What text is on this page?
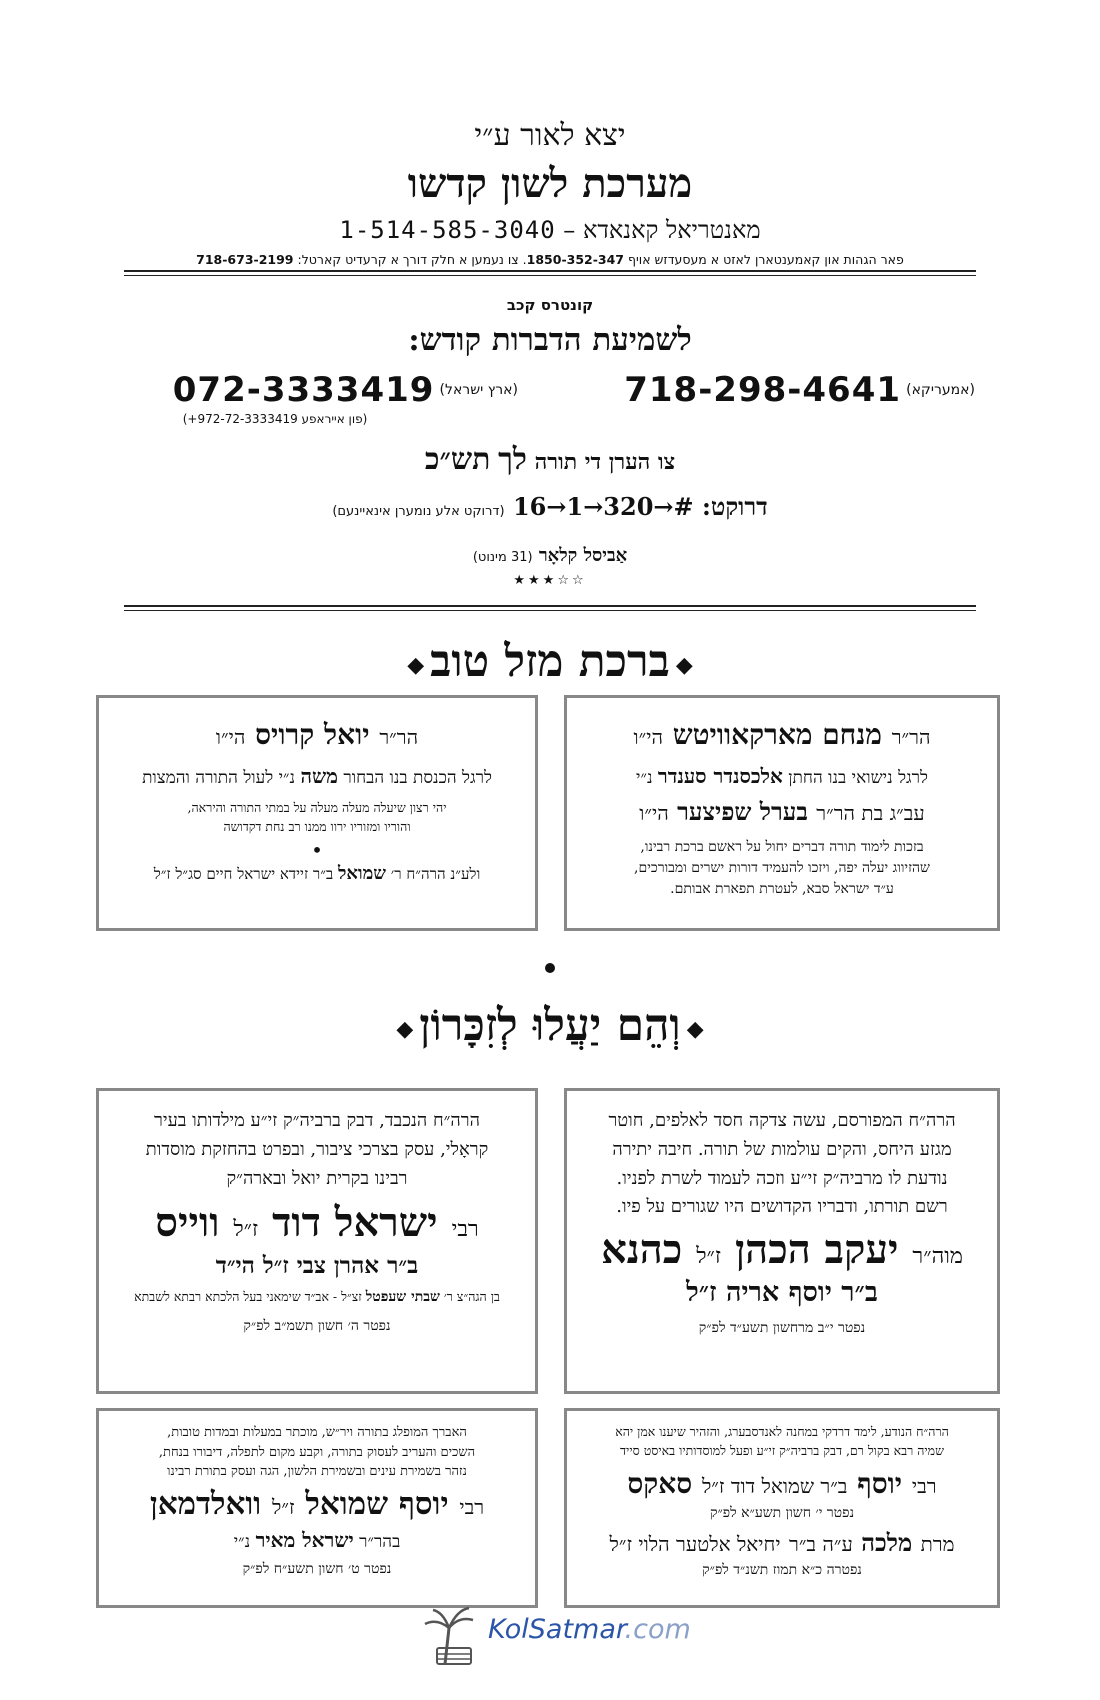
יצא לאור ע״י
מערכת לשון קדשו
מאנטריאל קאנאדא – 1-514-585-3040
פאר הגהות און קאמענטארן לאזט א מעסעדזש אויף 1850-352-347. צו נעמען א חלק דורך א קרעדיט קארטל: 718-673-2199
קונטרס קכב
לשמיעת הדברות קודש:
(אמעריקא) 718-298-4641
(ארץ ישראל) 072-3333419
(פון אייראפע 972-72-3333419+)
צו הערן די תורה לך תש״כ
דרוקט: #→320→1→16 (דרוקט אלע נומערן אינאיינעם)
אַביסל קלאָר (31 מינוט)
★★★☆☆
◆ברכת מזל טוב◆
הר״ר מנחם מארקאוויטש הי״ו
לרגל נישואי בנו החתן אלכסנדר סענדר נ״י
עב״ג בת הר״ר בערל שפיצער הי״ו
בזכות לימוד תורה דברים יחול על ראשם ברכת רבינו,
שהזיווג יעלה יפה, ויזכו להעמיד דורות ישרים ומבורכים,
ע״ד ישראל סבא, לעטרת תפארת אבותם.
הר״ר יואל קרויס הי״ו
לרגל הכנסת בנו הבחור משה נ״י לעול התורה והמצות
יהי רצון שיעלה מעלה מעלה על במתי התורה והיראה,
והוריו ומזוריו ירוו ממנו רב נחת דקדושה
•
ולע״נ הרה״ח ר׳ שמואל ב״ר זיידא ישראל חיים סג״ל ז״ל
◆וְהֵם יַעֲלוּ לְזִכָּרוֹן◆
הרה״ח המפורסם, עשה צדקה חסד לאלפים, חוטר
מגזע היחס, והקים עולמות של תורה. חיבה יתירה
נודעת לו מרביה״ק זי״ע וזכה לעמוד לשרת לפניו.
רשם תורתו, ודבריו הקדושים היו שגורים על פיו.
מוה״ר יעקב הכהן ז״ל כהנא
ב״ר יוסף אריה ז״ל
נפטר י״ב מרחשון תשע״ד לפ״ק
הרה״ח הנכבד, דבק ברביה״ק זי״ע מילדותו בעיר
קראָלי, עסק בצרכי ציבור, ובפרט בהחזקת מוסדות
רבינו בקרית יואל ובארה״ק
רבי ישראל דוד ז״ל ווייס
ב״ר אהרן צבי ז״ל הי״ד
בן הגה״צ ר׳ שבתי שעפטל זצ״ל - אב״ד שימאני בעל הלכתא רבתא לשבתא
נפטר ה׳ חשון תשמ״ב לפ״ק
הרה״ח הנודע, לימד דרדקי במחנה לאנדסבערג, והזהיר שיענו אמן יהא
שמיה רבא בקול רם, דבק ברביה״ק זי״ע ופעל למוסדותיו באיסט סייד
רבי יוסף ב״ר שמואל דוד ז״ל סאקס
נפטר י׳ חשון תשע״א לפ״ק
מרת מלכה ע״ה ב״ר יחיאל אלטער הלוי ז״ל
נפטרה כ״א תמוז תשנ״ד לפ״ק
האברך המופלג בתורה ויר״ש, מוכתר במעלות ובמדות טובות,
השכים והעריב לעסוק בתורה, וקבע מקום לתפלה, דיבורו בנחת,
נזהר בשמירת עינים ובשמירת הלשון, הגה ועסק בתורת רבינו
רבי יוסף שמואל ז״ל וואלדמאן
בהר״ר ישראל מאיר נ״י
נפטר ט׳ חשון תשע״ח לפ״ק
KolSatmar.com
